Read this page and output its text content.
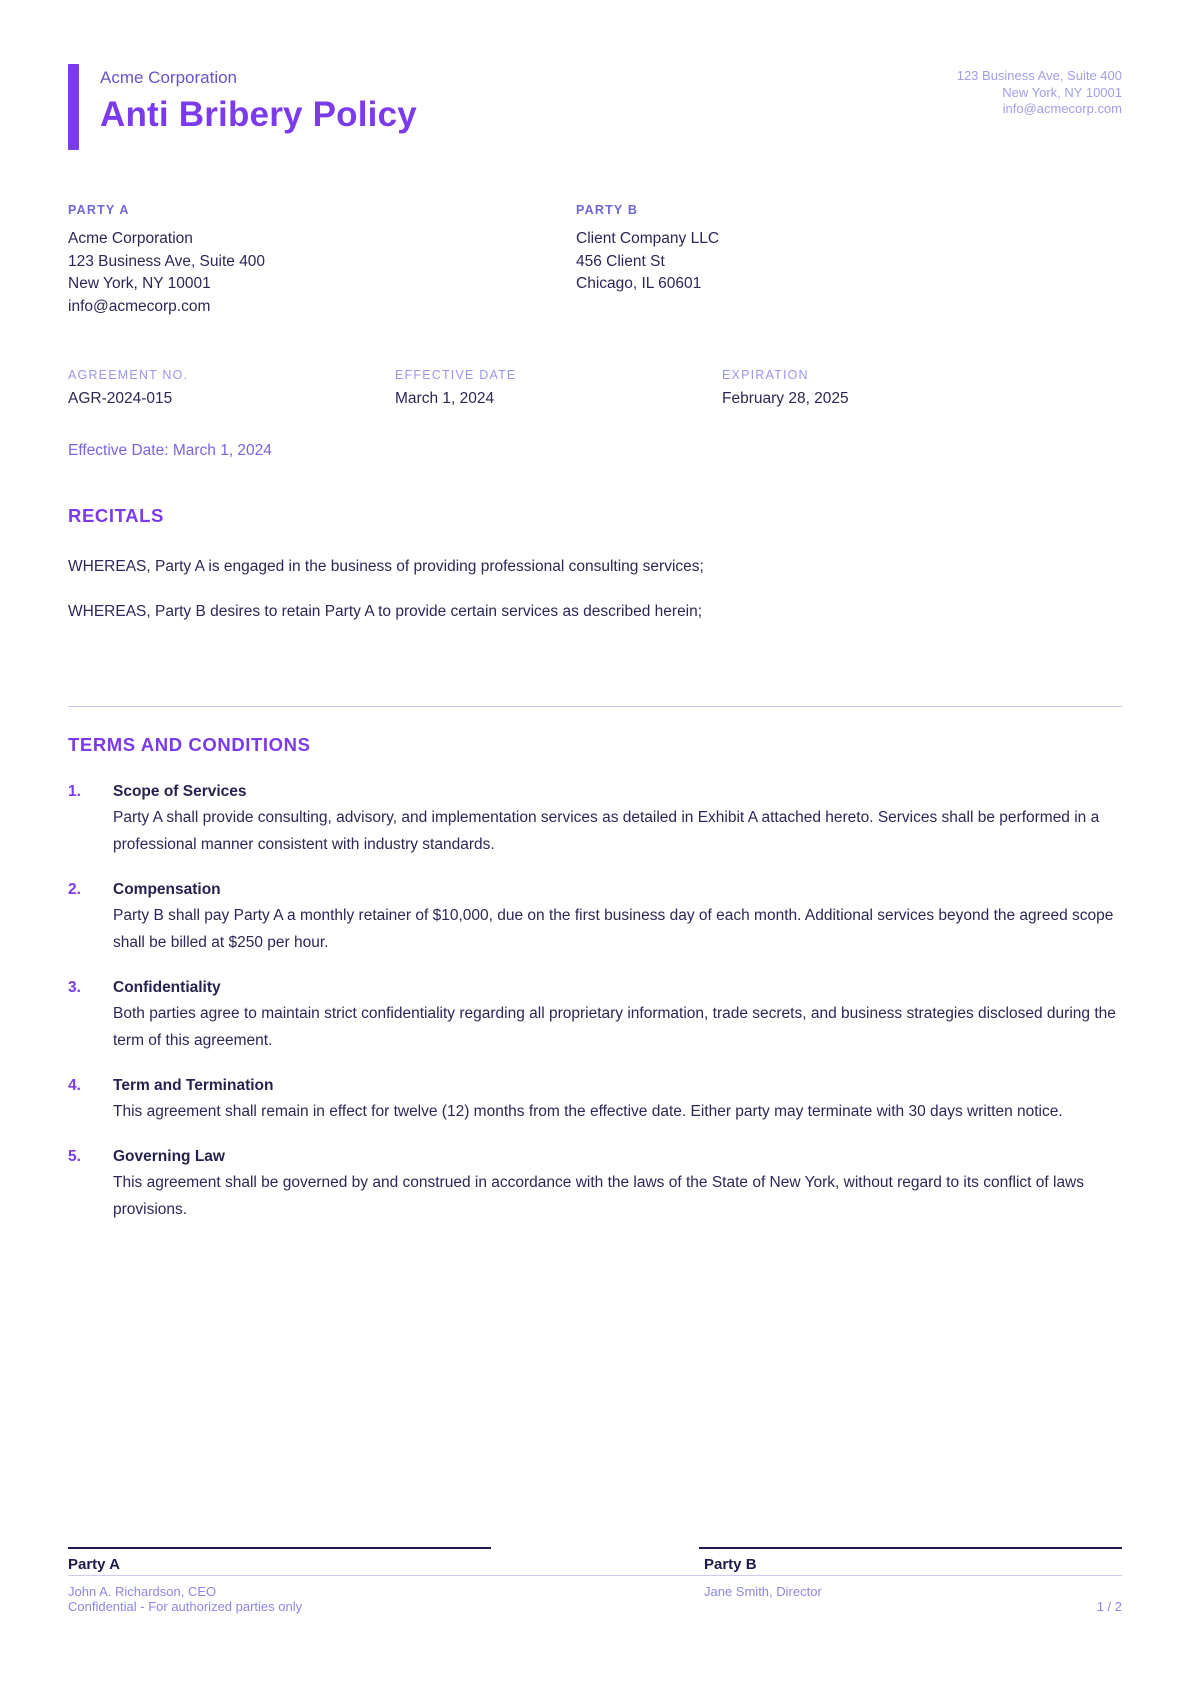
Acme Corporation
Anti Bribery Policy
123 Business Ave, Suite 400
New York, NY 10001
info@acmecorp.com
PARTY A
Acme Corporation
123 Business Ave, Suite 400
New York, NY 10001
info@acmecorp.com
PARTY B
Client Company LLC
456 Client St
Chicago, IL 60601
AGREEMENT NO.
AGR-2024-015
EFFECTIVE DATE
March 1, 2024
EXPIRATION
February 28, 2025
Effective Date: March 1, 2024
RECITALS
WHEREAS, Party A is engaged in the business of providing professional consulting services;
WHEREAS, Party B desires to retain Party A to provide certain services as described herein;
TERMS AND CONDITIONS
1.	Scope of Services
Party A shall provide consulting, advisory, and implementation services as detailed in Exhibit A attached hereto. Services shall be performed in a professional manner consistent with industry standards.
2.	Compensation
Party B shall pay Party A a monthly retainer of $10,000, due on the first business day of each month. Additional services beyond the agreed scope shall be billed at $250 per hour.
3.	Confidentiality
Both parties agree to maintain strict confidentiality regarding all proprietary information, trade secrets, and business strategies disclosed during the term of this agreement.
4.	Term and Termination
This agreement shall remain in effect for twelve (12) months from the effective date. Either party may terminate with 30 days written notice.
5.	Governing Law
This agreement shall be governed by and construed in accordance with the laws of the State of New York, without regard to its conflict of laws provisions.
Party A	Party B
John A. Richardson, CEO	Jane Smith, Director
Confidential - For authorized parties only	1 / 2
